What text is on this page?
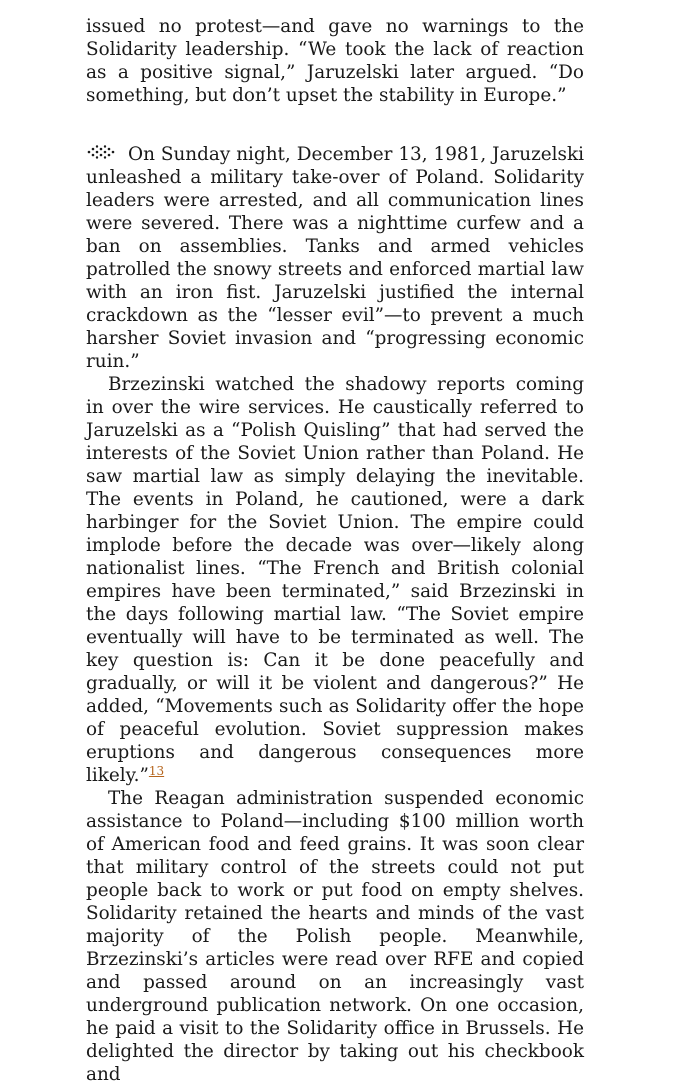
issued no protest—and gave no warnings to the Solidarity leadership. “We took the lack of reaction as a positive signal,” Jaruzelski later argued. “Do something, but don’t upset the stability in Europe.”

On Sunday night, December 13, 1981, Jaruzelski unleashed a military take-over of Poland. Solidarity leaders were arrested, and all communication lines were severed. There was a nighttime curfew and a ban on assemblies. Tanks and armed vehicles patrolled the snowy streets and enforced martial law with an iron fist. Jaruzelski justified the internal crackdown as the “lesser evil”—to prevent a much harsher Soviet invasion and “progressing economic ruin.”

Brzezinski watched the shadowy reports coming in over the wire services. He caustically referred to Jaruzelski as a “Polish Quisling” that had served the interests of the Soviet Union rather than Poland. He saw martial law as simply delaying the inevitable. The events in Poland, he cautioned, were a dark harbinger for the Soviet Union. The empire could implode before the decade was over—likely along nationalist lines. “The French and British colonial empires have been terminated,” said Brzezinski in the days following martial law. “The Soviet empire eventually will have to be terminated as well. The key question is: Can it be done peacefully and gradually, or will it be violent and dangerous?” He added, “Movements such as Solidarity offer the hope of peaceful evolution. Soviet suppression makes eruptions and dangerous consequences more likely.”$^{13}$

The Reagan administration suspended economic assistance to Poland—including $100 million worth of American food and feed grains. It was soon clear that military control of the streets could not put people back to work or put food on empty shelves. Solidarity retained the hearts and minds of the vast majority of the Polish people. Meanwhile, Brzezinski’s articles were read over RFE and copied and passed around on an increasingly vast underground publication network. On one occasion, he paid a visit to the Solidarity office in Brussels. He delighted the director by taking out his checkbook and
